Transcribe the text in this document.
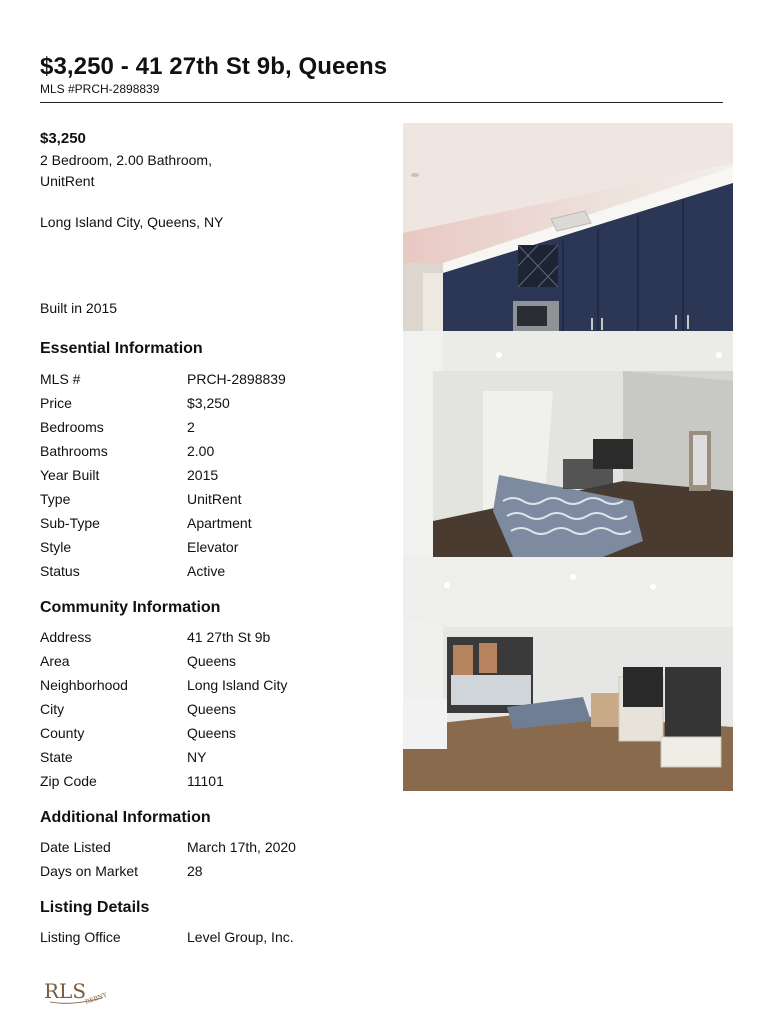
$3,250 - 41 27th St 9b, Queens
MLS #PRCH-2898839
$3,250
2 Bedroom, 2.00 Bathroom,
UnitRent
Long Island City, Queens, NY
Built in 2015
Essential Information
MLS #	PRCH-2898839
Price	$3,250
Bedrooms	2
Bathrooms	2.00
Year Built	2015
Type	UnitRent
Sub-Type	Apartment
Style	Elevator
Status	Active
Community Information
Address	41 27th St 9b
Area	Queens
Neighborhood	Long Island City
City	Queens
County	Queens
State	NY
Zip Code	11101
Additional Information
Date Listed	March 17th, 2020
Days on Market	28
Listing Details
Listing Office	Level Group, Inc.
RLS
REBNY
